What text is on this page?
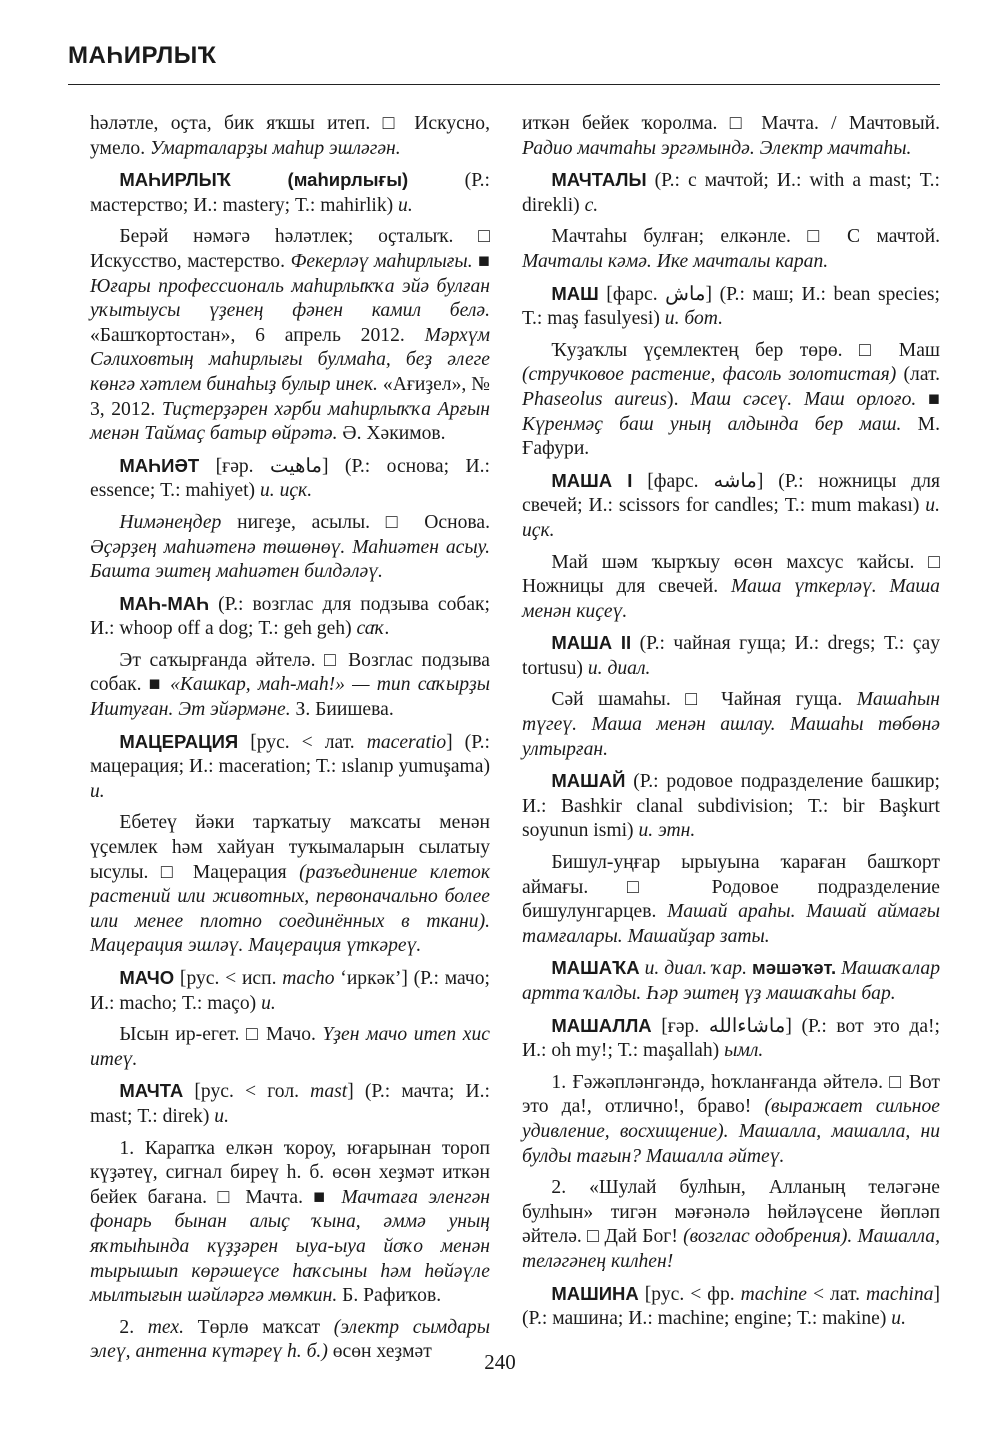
МАҺИРЛЫҠ

һәләтле, оҫта, бик яҡшы итеп. □ Искусно, умело. Умарталарҙы маһир эшләгән.

МАҺИРЛЫҠ (маһирлығы) (Р.: мастерство; И.: mastery; Т.: mahirlik) и.

Берәй нәмәгә һәләтлек; оҫталыҡ. □ Искусство, мастерство. Фекерләү маһирлығы. ■ Юғары профессиональ маһирлыҡҡа эйә булған уҡытыусы үҙенең фәнен камил белә. «Башҡортостан», 6 апрель 2012. Мәрхүм Сәлиховтың маһирлығы булмаһа, беҙ әлеге көнгә хәтлем бинаһыҙ булыр инек. «Ағиҙел», № 3, 2012. Тиҫтерҙәрен хәрби маһирлыҡҡа Арғын менән Таймаҫ батыр өйрәтә. Ә. Хәкимов.

МАҺИӘТ [ғәр. ماهیت] (Р.: основа; И.: essence; Т.: mahiyet) и. иҫк.

Нимәнеңдер нигеҙе, асылы. □ Основа. Әҫәрҙең маһиәтенә төшөнөү. Маһиәтен асыу. Башта эштең маһиәтен билдәләү.

МАҺ-МАҺ (Р.: возглас для подзыва собак; И.: whoop off a dog; Т.: geh geh) саҡ.

Эт саҡырғанда әйтелә. □ Возглас подзыва собак. ■ «Кашкар, маһ-маһ!» — тип саҡырҙы Иштуған. Эт эйәрмәне. З. Биишева.

МАЦЕРАЦИЯ [рус. < лат. maceratio] (Р.: мацерация; И.: maceration; Т.: ıslanıp yumuşama) и.

Ебетеү йәки тарҡатыу маҡсаты менән үҫемлек һәм хайуан туҡымаларын сылатыу ысулы. □ Мацерация (разъединение клеток растений или животных, первоначально более или менее плотно соединённых в ткани). Мацерация эшләү. Мацерация үткәреү.

МАЧО [рус. < исп. macho ‘иркәк’] (Р.: мачо; И.: macho; Т.: maço) и.

Ысын ир-егет. □ Мачо. Үҙен мачо итеп хис итеү.

МАЧТА [рус. < гол. mast] (Р.: мачта; И.: mast; Т.: direk) и.

1. Карапҡа елкән ҡороу, юғарынан тороп күҙәтеү, сигнал биреү һ. б. өсөн хеҙмәт иткән бейек бағана. □ Мачта. ■ Мачтаға эленгән фонарь бынан алыҫ ҡына, әммә уның яҡтыһында күҙҙәрен ыуа-ыуа йоҡо менән тырышып көрәшеүсе һаҡсыны һәм һөйәүле мылтығын шәйләргә мөмкин. Б. Рафиҡов.

2. тех. Төрлө маҡсат (электр сымдары элеү, антенна күтәреү һ. б.) өсөн хеҙмәт

иткән бейек ҡоролма. □ Мачта. / Мачтовый. Радио мачтаһы эргәмындә. Электр мачтаһы.

МАЧТАЛЫ (Р.: с мачтой; И.: with a mast; Т.: direkli) с.

Мачтаһы булған; елкәнле. □ С мачтой. Мачталы кәмә. Ике мачталы карап.

МАШ [фарс. ماش] (Р.: маш; И.: bean species; Т.: maş fasulyesi) и. бот.

Ҡуҙаҡлы үҫемлектең бер төрө. □ Маш (стручковое растение, фасоль золотистая) (лат. Phaseolus aureus). Маш сәсеү. Маш орлоғо. ■ Күренмәҫ баш уның алдында бер маш. М. Ғафури.

МАША I [фарс. ماشه] (Р.: ножницы для свечей; И.: scissors for candles; Т.: mum makası) и. иҫк.

Май шәм ҡырҡыу өсөн махсус ҡайсы. □ Ножницы для свечей. Маша үткерләү. Маша менән киҫеү.

МАША II (Р.: чайная гуща; И.: dregs; Т.: çay tortusu) и. диал.

Сәй шамаһы. □ Чайная гуща. Машаһын түгеү. Маша менән ашлау. Машаһы төбөнә ултырған.

МАШАЙ (Р.: родовое подразделение башкир; И.: Bashkir clanal subdivision; Т.: bir Başkurt soyunun ismi) и. этн.

Бишул-уңғар ырыуына ҡараған башҡорт аймағы. □ Родовое подразделение бишулунгарцев. Машай араһы. Машай аймағы тамғалары. Машайҙар заты.

МАШАҠА и. диал. ҡар. мәшәҡәт. Машаҡалар артта ҡалды. Һәр эштең үҙ машаҡаһы бар.

МАШАЛЛА [ғәр. ماشاءالله] (Р.: вот это да!; И.: oh my!; Т.: maşallah) ымл.

1. Ғәжәпләнгәндә, һоҡланғанда әйтелә. □ Вот это да!, отлично!, браво! (выражает сильное удивление, восхищение). Машалла, машалла, ни булды тағын? Машалла әйтеү.

2. «Шулай булһын, Алланың теләгәне булһын» тигән мәғәнәлә һөйләүсене йөпләп әйтелә. □ Дай Бог! (возглас одобрения). Машалла, теләгәнең килһен!

МАШИНА [рус. < фр. machine < лат. machina] (Р.: машина; И.: machine; engine; Т.: makine) и.

240
